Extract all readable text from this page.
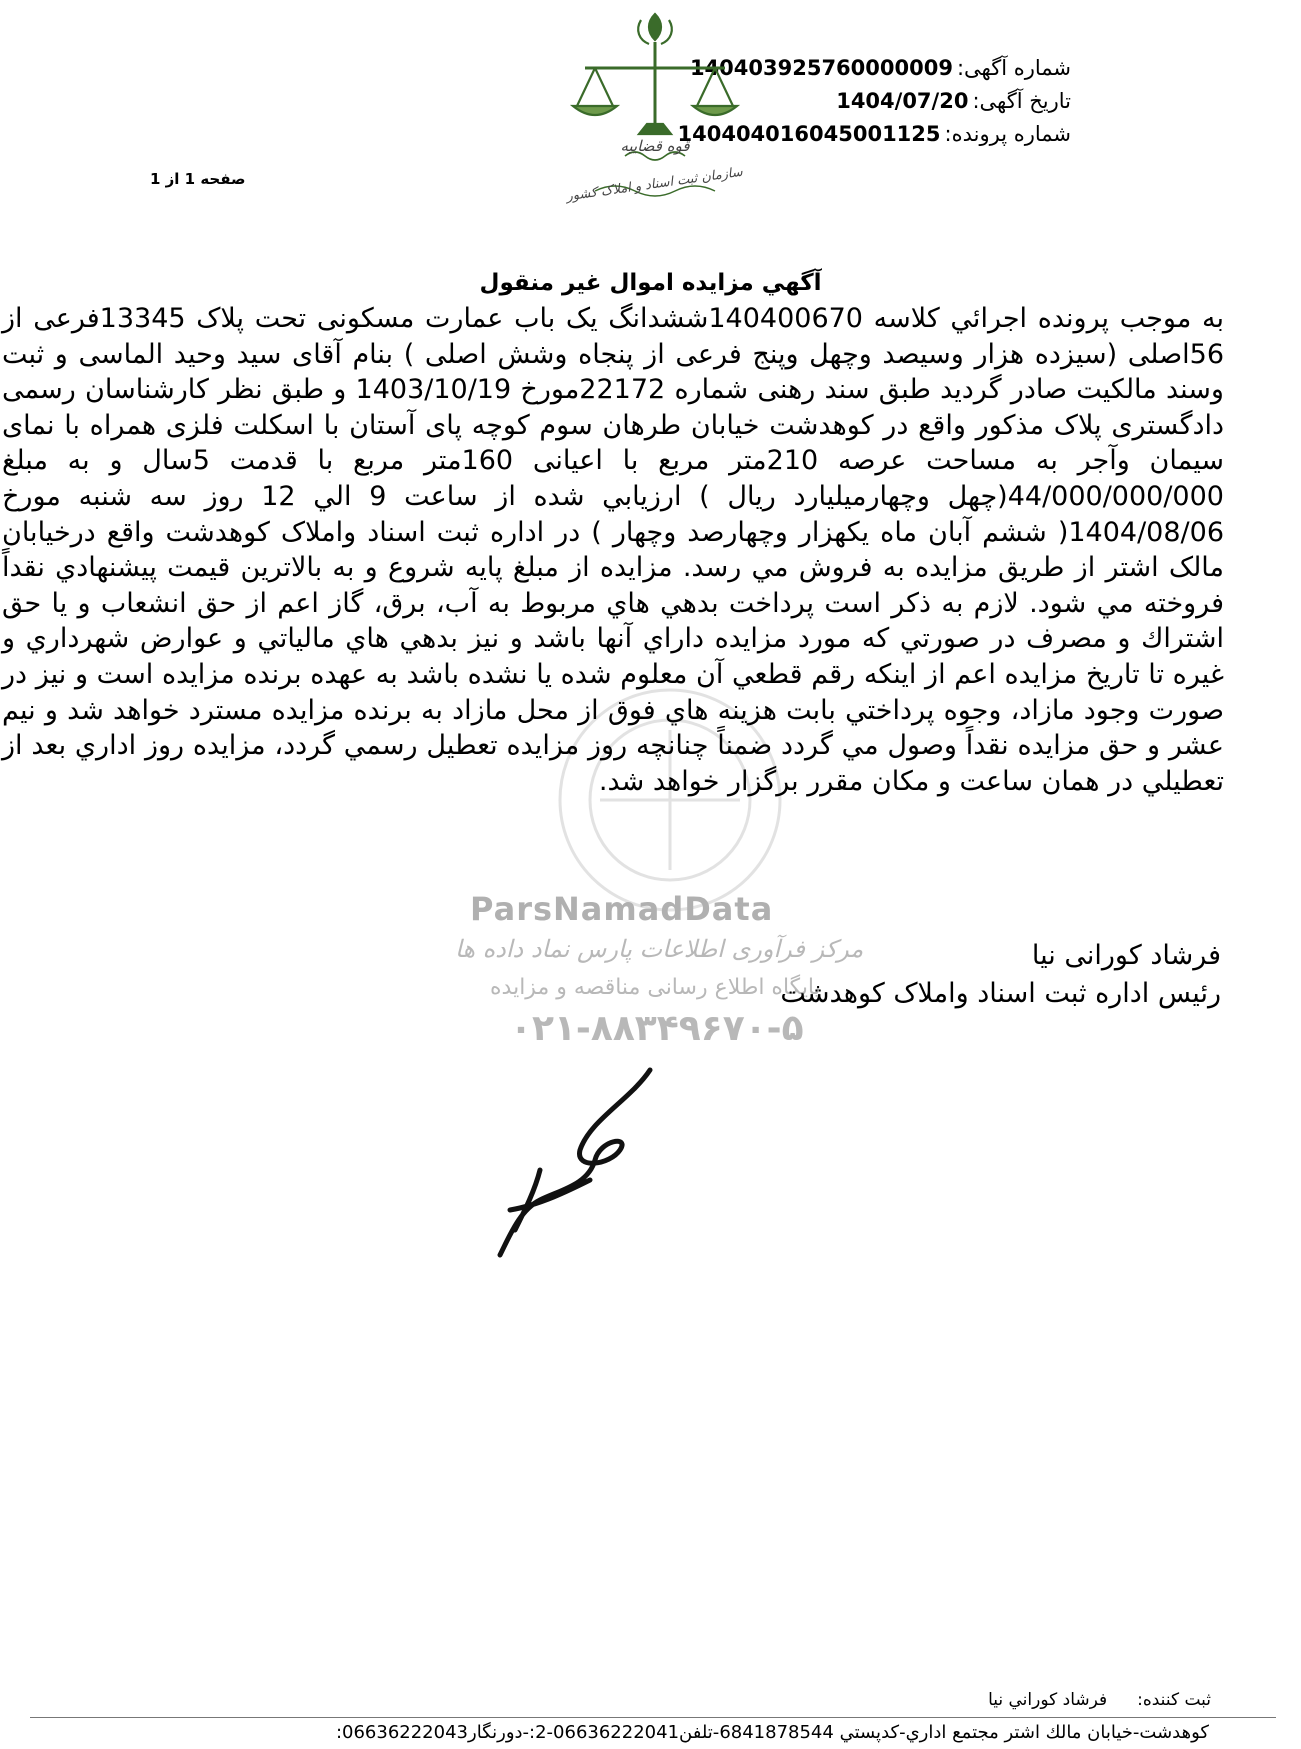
شماره آگهی:140403925760000009
تاریخ آگهی:1404/07/20
شماره پرونده:140404016045001125
قوه قضاییه
سازمان ثبت اسناد و املاک کشور
صفحه 1 از 1
آگهي مزايده اموال غير منقول
ParsNamadData
مرکز فرآوری اطلاعات پارس نماد داده ها
پایگاه اطلاع رسانی مناقصه و مزایده
۰۲۱-۸۸۳۴۹۶۷۰-۵
به موجب پرونده اجرائي كلاسه 140400670ششدانگ یک باب عمارت مسکونی تحت پلاک 13345فرعی از 56اصلی (سیزده هزار وسیصد وچهل وپنج فرعی از پنجاه وشش اصلی ) بنام آقای سید وحید الماسی و ثبت وسند مالکیت صادر گردید طبق سند رهنی شماره 22172مورخ 1403/10/19 و طبق نظر کارشناسان رسمی دادگستری پلاک مذکور واقع در کوهدشت خیابان طرهان سوم کوچه پای آستان با اسکلت فلزی همراه با نمای سیمان وآجر به مساحت عرصه 210متر مربع با اعیانی 160متر مربع با قدمت 5سال و به مبلغ 44/000/000/000(چهل وچهارمیلیارد ريال ) ارزيابي شده از ساعت 9 الي 12 روز سه شنبه مورخ 1404/08/06( ششم آبان ماه یکهزار وچهارصد وچهار ) در اداره ثبت اسناد واملاک کوهدشت واقع درخیابان مالک اشتر از طريق مزايده به فروش مي رسد. مزايده از مبلغ پايه شروع و به بالاترين قيمت پيشنهادي نقداً فروخته مي شود. لازم به ذكر است پرداخت بدهي هاي مربوط به آب، برق، گاز اعم از حق انشعاب و يا حق اشتراك و مصرف در صورتي كه مورد مزايده داراي آنها باشد و نيز بدهي هاي مالياتي و عوارض شهرداري و غيره تا تاريخ مزايده اعم از اينكه رقم قطعي آن معلوم شده يا نشده باشد به عهده برنده مزايده است و نيز در صورت وجود مازاد، وجوه پرداختي بابت هزينه هاي فوق از محل مازاد به برنده مزايده مسترد خواهد شد و نيم عشر و حق مزايده نقداً وصول مي گردد ضمناً چنانچه روز مزايده تعطيل رسمي گردد، مزايده روز اداري بعد از تعطيلي در همان ساعت و مكان مقرر برگزار خواهد شد.
فرشاد کورانی نیا
رئیس اداره ثبت اسناد واملاک کوهدشت
ثبت كننده:فرشاد كوراني نيا
كوهدشت-خيابان مالك اشتر مجتمع اداري-كدپستي 6841878544-تلفن06636222041-2:-دورنگار06636222043:
